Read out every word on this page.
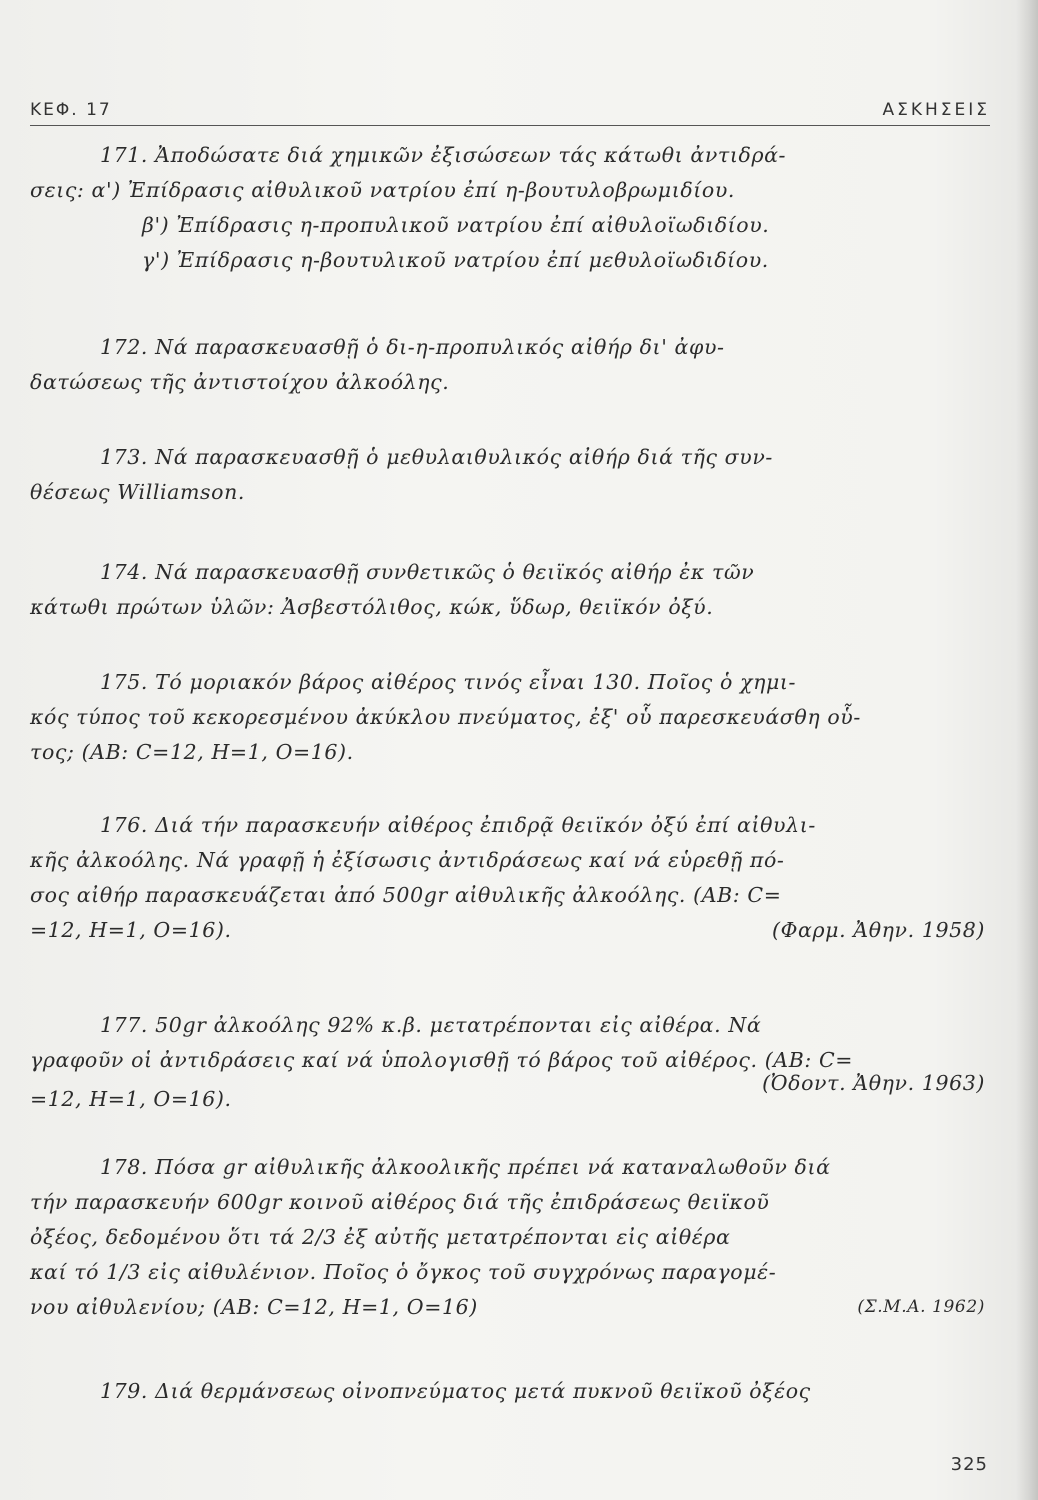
ΚΕΦ. 17	ΑΣΚΗΣΕΙΣ
171. Ἀποδώσατε διά χημικῶν ἐξισώσεων τάς κάτωθι ἀντιδρά-
σεις: α') Ἐπίδρασις αἰθυλικοῦ νατρίου ἐπί η-βουτυλοβρωμιδίου.
β') Ἐπίδρασις η-προπυλικοῦ νατρίου ἐπί αἰθυλοϊωδιδίου.
γ') Ἐπίδρασις η-βουτυλικοῦ νατρίου ἐπί μεθυλοϊωδιδίου.
172. Νά παρασκευασθῇ ὁ δι-η-προπυλικός αἰθήρ δι' ἀφυ-
δατώσεως τῆς ἀντιστοίχου ἀλκοόλης.
173. Νά παρασκευασθῇ ὁ μεθυλαιθυλικός αἰθήρ διά τῆς συν-
θέσεως Williamson.
174. Νά παρασκευασθῇ συνθετικῶς ὁ θειϊκός αἰθήρ ἐκ τῶν
κάτωθι πρώτων ὑλῶν: Ἀσβεστόλιθος, κώκ, ὕδωρ, θειϊκόν ὀξύ.
175. Τό μοριακόν βάρος αἰθέρος τινός εἶναι 130. Ποῖος ὁ χημι-
κός τύπος τοῦ κεκορεσμένου ἀκύκλου πνεύματος, ἐξ' οὗ παρεσκευάσθη οὗ-
τος; (ΑΒ: C=12, H=1, O=16).
176. Διά τήν παρασκευήν αἰθέρος ἐπιδρᾷ θειϊκόν ὀξύ ἐπί αἰθυλι-
κῆς ἀλκοόλης. Νά γραφῇ ἡ ἐξίσωσις ἀντιδράσεως καί νά εὑρεθῇ πό-
σος αἰθήρ παρασκευάζεται ἀπό 500gr αἰθυλικῆς ἀλκοόλης. (ΑΒ: C=
=12, H=1, O=16).	(Φαρμ. Ἀθην. 1958)
177. 50gr ἀλκοόλης 92% κ.β. μετατρέπονται εἰς αἰθέρα. Νά
γραφοῦν οἱ ἀντιδράσεις καί νά ὑπολογισθῇ τό βάρος τοῦ αἰθέρος. (ΑΒ: C=
=12, H=1, O=16).
(Ὀδοντ. Ἀθην. 1963)
178. Πόσα gr αἰθυλικῆς ἀλκοολικῆς πρέπει νά καταναλωθοῦν διά
τήν παρασκευήν 600gr κοινοῦ αἰθέρος διά τῆς ἐπιδράσεως θειϊκοῦ
ὀξέος, δεδομένου ὅτι τά 2/3 ἐξ αὐτῆς μετατρέπονται εἰς αἰθέρα
καί τό 1/3 εἰς αἰθυλένιον. Ποῖος ὁ ὄγκος τοῦ συγχρόνως παραγομέ-
νου αἰθυλενίου; (ΑΒ: C=12, H=1, O=16)	(Σ.Μ.Α. 1962)
179. Διά θερμάνσεως οἰνοπνεύματος μετά πυκνοῦ θειϊκοῦ ὀξέος
325
